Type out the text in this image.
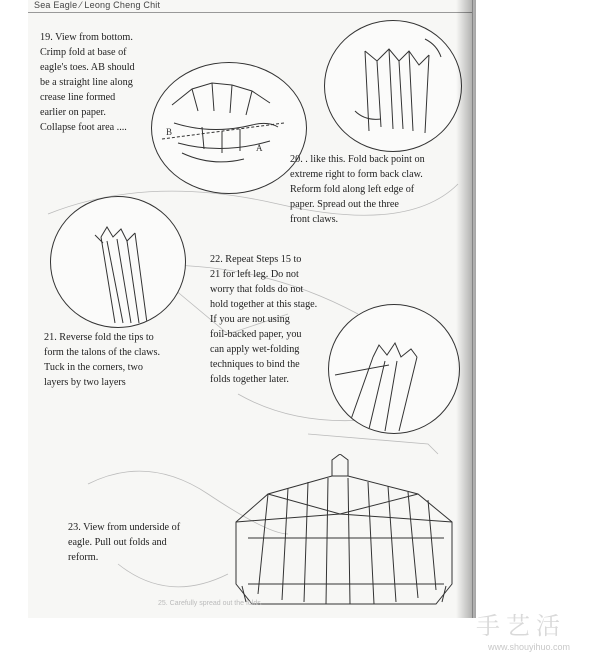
Sea Eagle ⁄ Leong Cheng Chit
19. View from bottom.
Crimp fold at base of
eagle's toes. AB should
be a straight line along
crease line formed
earlier on paper.
Collapse foot area ....
A
B
20. . like this. Fold back point on
extreme right to form back claw.
Reform fold along left edge of
paper. Spread out the three
front claws.
21. Reverse fold the tips to
form the talons of the claws.
Tuck in the corners, two
layers by two layers
22. Repeat Steps 15 to
21 for left leg. Do not
worry that folds do not
hold together at this stage.
If you are not using
foil-backed paper, you
can apply wet-folding
techniques to bind the
folds together later.
23. View from underside of
eagle. Pull out folds and
reform.
25. Carefully spread out the folds.
手艺活
www.shouyihuo.com
